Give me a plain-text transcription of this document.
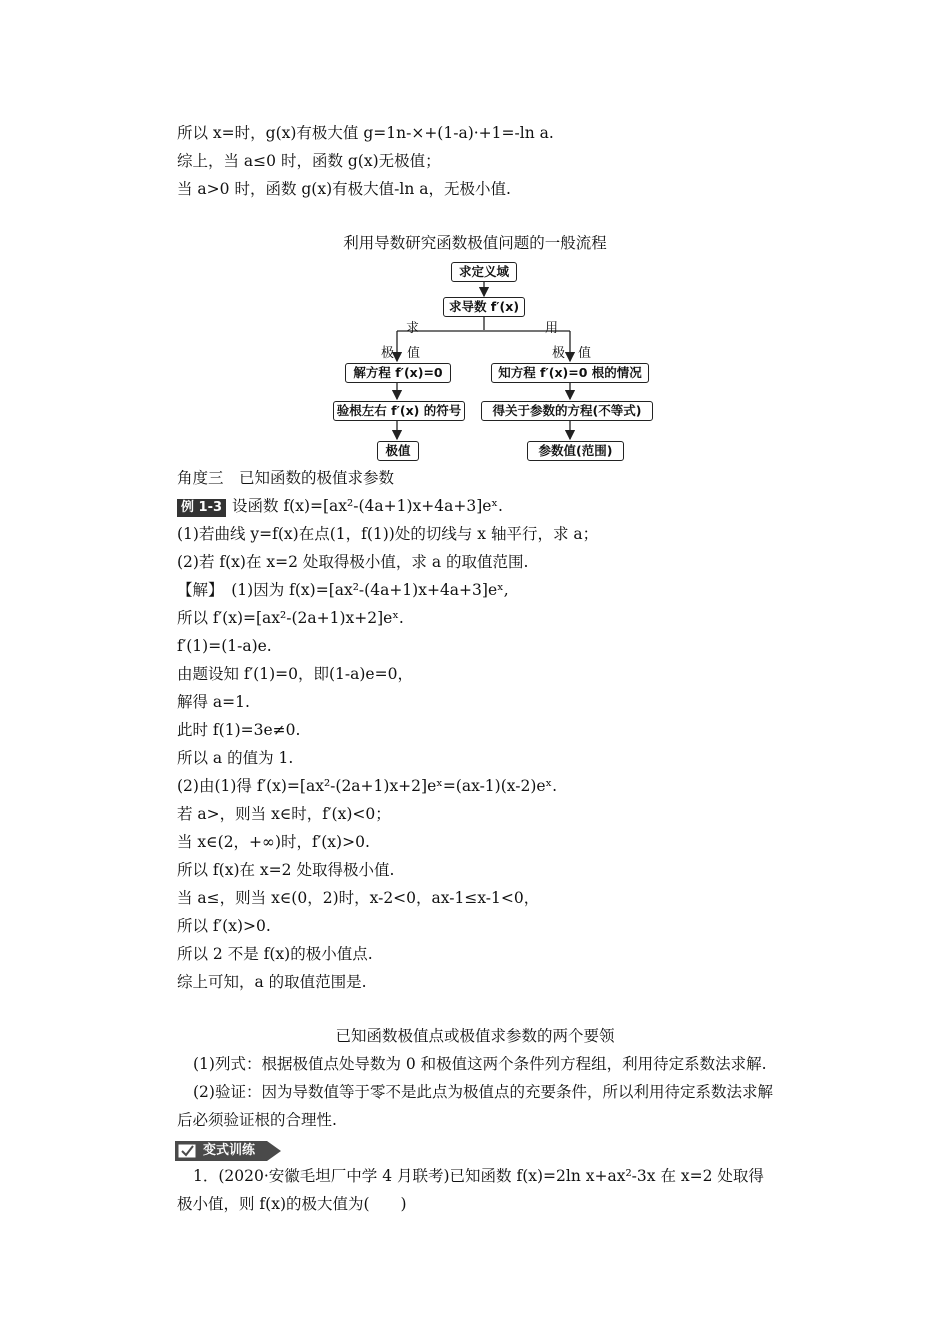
所以 x=时，g(x)有极大值 g=1n-×+(1-a)·+1=-ln a.
综上，当 a≤0 时，函数 g(x)无极值；
当 a>0 时，函数 g(x)有极大值-ln a，无极小值.
利用导数研究函数极值问题的一般流程
求定义域
求导数 f′(x)
求	用
极　值	极　值
解方程 f′(x)=0	知方程 f′(x)=0 根的情况
验根左右 f′(x) 的符号	得关于参数的方程(不等式)
极值	参数值(范围)
角度三　已知函数的极值求参数
例 1-3 设函数 f(x)=[ax²-(4a+1)x+4a+3]eˣ.
(1)若曲线 y=f(x)在点(1，f(1))处的切线与 x 轴平行，求 a；
(2)若 f(x)在 x=2 处取得极小值，求 a 的取值范围.
【解】　(1)因为 f(x)=[ax²-(4a+1)x+4a+3]eˣ,
所以 f′(x)=[ax²-(2a+1)x+2]eˣ.
f′(1)=(1-a)e.
由题设知 f′(1)=0，即(1-a)e=0，
解得 a=1.
此时 f(1)=3e≠0.
所以 a 的值为 1.
(2)由(1)得 f′(x)=[ax²-(2a+1)x+2]eˣ=(ax-1)(x-2)eˣ.
若 a>，则当 x∈时，f′(x)<0；
当 x∈(2，+∞)时，f′(x)>0.
所以 f(x)在 x=2 处取得极小值.
当 a≤，则当 x∈(0，2)时，x-2<0，ax-1≤x-1<0，
所以 f′(x)>0.
所以 2 不是 f(x)的极小值点.
综上可知，a 的取值范围是.
已知函数极值点或极值求参数的两个要领
(1)列式：根据极值点处导数为 0 和极值这两个条件列方程组，利用待定系数法求解.
(2)验证：因为导数值等于零不是此点为极值点的充要条件，所以利用待定系数法求解
后必须验证根的合理性.
变式训练
1．(2020·安徽毛坦厂中学 4 月联考)已知函数 f(x)=2ln x+ax²-3x 在 x=2 处取得
极小值，则 f(x)的极大值为(　　)
